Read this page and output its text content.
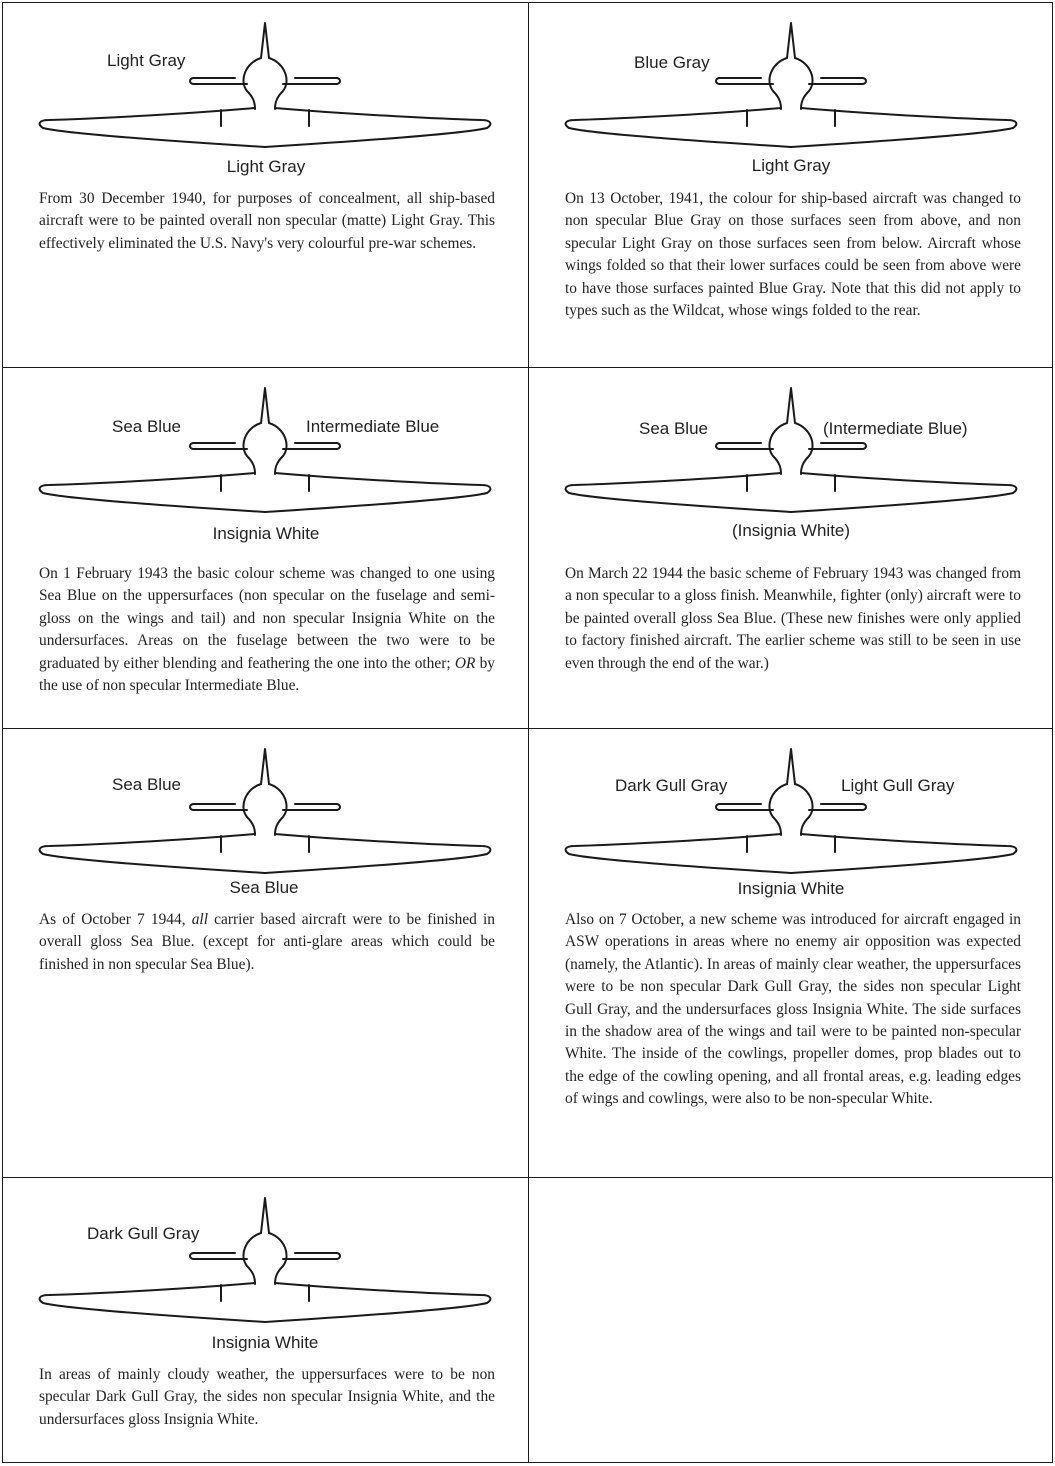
Light Gray
Light Gray

From 30 December 1940, for purposes of concealment, all ship-based aircraft were to be painted overall non specular (matte) Light Gray. This effectively eliminated the U.S. Navy's very colourful pre-war schemes.

Blue Gray
Light Gray

On 13 October, 1941, the colour for ship-based aircraft was changed to non specular Blue Gray on those surfaces seen from above, and non specular Light Gray on those surfaces seen from below. Aircraft whose wings folded so that their lower surfaces could be seen from above were to have those surfaces painted Blue Gray. Note that this did not apply to types such as the Wildcat, whose wings folded to the rear.

Sea Blue	Intermediate Blue
Insignia White

On 1 February 1943 the basic colour scheme was changed to one using Sea Blue on the uppersurfaces (non specular on the fuselage and semi-gloss on the wings and tail) and non specular Insignia White on the undersurfaces. Areas on the fuselage between the two were to be graduated by either blending and feathering the one into the other; OR by the use of non specular Intermediate Blue.

Sea Blue	(Intermediate Blue)
(Insignia White)

On March 22 1944 the basic scheme of February 1943 was changed from a non specular to a gloss finish. Meanwhile, fighter (only) aircraft were to be painted overall gloss Sea Blue. (These new finishes were only applied to factory finished aircraft. The earlier scheme was still to be seen in use even through the end of the war.)

Sea Blue
Sea Blue

As of October 7 1944, all carrier based aircraft were to be finished in overall gloss Sea Blue. (except for anti-glare areas which could be finished in non specular Sea Blue).

Dark Gull Gray	Light Gull Gray
Insignia White

Also on 7 October, a new scheme was introduced for aircraft engaged in ASW operations in areas where no enemy air opposition was expected (namely, the Atlantic). In areas of mainly clear weather, the uppersurfaces were to be non specular Dark Gull Gray, the sides non specular Light Gull Gray, and the undersurfaces gloss Insignia White. The side surfaces in the shadow area of the wings and tail were to be painted non-specular White. The inside of the cowlings, propeller domes, prop blades out to the edge of the cowling opening, and all frontal areas, e.g. leading edges of wings and cowlings, were also to be non-specular White.

Dark Gull Gray
Insignia White

In areas of mainly cloudy weather, the uppersurfaces were to be non specular Dark Gull Gray, the sides non specular Insignia White, and the undersurfaces gloss Insignia White.
